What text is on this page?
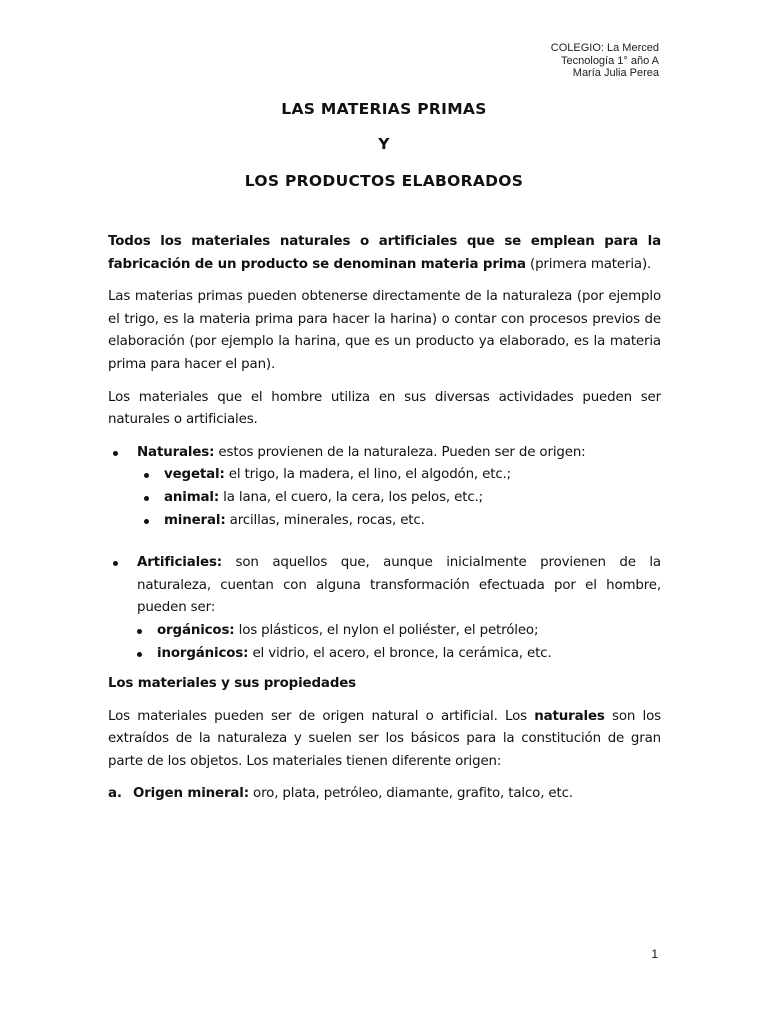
COLEGIO: La Merced
Tecnología 1° año A
María Julia Perea
LAS MATERIAS PRIMAS
Y
LOS PRODUCTOS ELABORADOS

Todos los materiales naturales o artificiales que se emplean para la fabricación de un producto se denominan materia prima (primera materia).

Las materias primas pueden obtenerse directamente de la naturaleza (por ejemplo el trigo, es la materia prima para hacer la harina) o contar con procesos previos de elaboración (por ejemplo la harina, que es un producto ya elaborado, es la materia prima para hacer el pan).

Los materiales que el hombre utiliza en sus diversas actividades pueden ser naturales o artificiales.

Naturales: estos provienen de la naturaleza. Pueden ser de origen:
vegetal: el trigo, la madera, el lino, el algodón, etc.;
animal: la lana, el cuero, la cera, los pelos, etc.;
mineral: arcillas, minerales, rocas, etc.
Artificiales: son aquellos que, aunque inicialmente provienen de la naturaleza, cuentan con alguna transformación efectuada por el hombre, pueden ser:
orgánicos: los plásticos, el nylon el poliéster, el petróleo;
inorgánicos: el vidrio, el acero, el bronce, la cerámica, etc.
Los materiales y sus propiedades

Los materiales pueden ser de origen natural o artificial. Los naturales son los extraídos de la naturaleza y suelen ser los básicos para la constitución de gran parte de los objetos. Los materiales tienen diferente origen:

a. Origen mineral: oro, plata, petróleo, diamante, grafito, talco, etc.
1
